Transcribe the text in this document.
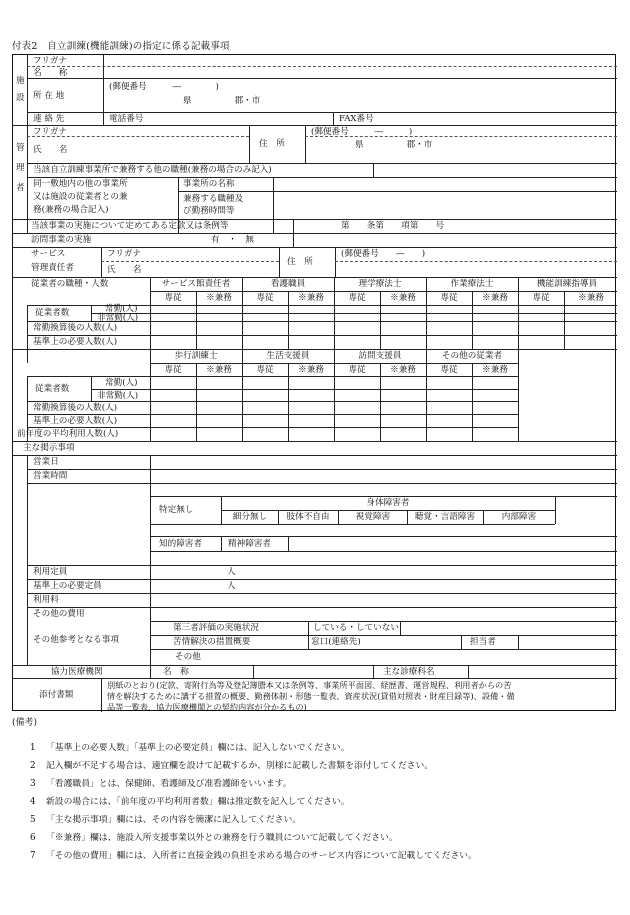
付表2　自立訓練(機能訓練)の指定に係る記載事項
施
設
フリガナ
名　　称
所 在 地
(郵便番号　　　―　　　　)
県　　　　　郡・市
連 絡 先	電話番号	FAX番号
管
理
者
フリガナ
氏　　名
住　所
(郵便番号　　　―　　　)
県　　　　　郡・市
当該自立訓練事業所で兼務する他の職種(兼務の場合のみ記入)
同一敷地内の他の事業所
又は施設の従業者との兼
務(兼務の場合記入)
事業所の名称
兼務する職種及
び勤務時間等
当該事業の実施について定めてある定款又は条例等	第　　条第　　項第　　号
訪問事業の実施	有　・　無
サービス
管理責任者
フリガナ
氏　　名
住　所
(郵便番号　　―　　)
従業者の職種・人数	サービス館責任者	看護職員	理学療法士	作業療法士	機能訓練指導員
専従	※兼務	専従	※兼務	専従	※兼務	専従	※兼務	専従	※兼務
従業者数	常勤(人)
非常勤(人)
常勤換算後の人数(人)
基準上の必要人数(人)
歩行訓練士	生活支援員	訪問支援員	その他の従業者
専従	※兼務	専従	※兼務	専従	※兼務	専従	※兼務
従業者数
常勤(人)
非常勤(人)
常勤換算後の人数(人)
基準上の必要人数(人)
前年度の平均利用人数(人)
主な掲示事項
営業日
営業時間
特定無し
身体障害者
細分無し 肢体不自由	視覚障害	聴覚・言語障害	内部障害
知的障害者	精神障害者
利用定員	人
基準上の必要定員	人
利用料
その他の費用
その他参考となる事項
第三者評価の実施状況	している・していない
苦情解決の措置概要	窓口(連絡先)	担当者
その他
協力医療機関	名　称	主な診療科名
添付書類
別紙のとおり(定款、寄附行為等及登記簿謄本又は条例等、事業所平面図、経歴書、運営規程、利用者からの苦
情を解決するために講ずる措置の概要、勤務体制・形態一覧表、資産状況(貸借対照表・財産目録等)、設備・備
品等一覧表、協力医療機関との契約内容が分かるもの)
(備考)
1 「基準上の必要人数」「基準上の必要定員」欄には、記入しないでください。
2 記入欄が不足する場合は、適宜欄を設けて記載するか、別様に記載した書類を添付してください。
3 「看護職員」とは、保健師、看護師及び准看護師をいいます。
4 新設の場合には、「前年度の平均利用者数」欄は推定数を記入してください。
5 「主な掲示事項」欄には、その内容を簡潔に記入してください。
6 「※兼務」欄は、施設入所支援事業以外との兼務を行う職員について記載してください。
7 「その他の費用」欄には、入所者に直接金銭の負担を求める場合のサービス内容について記載してください。
